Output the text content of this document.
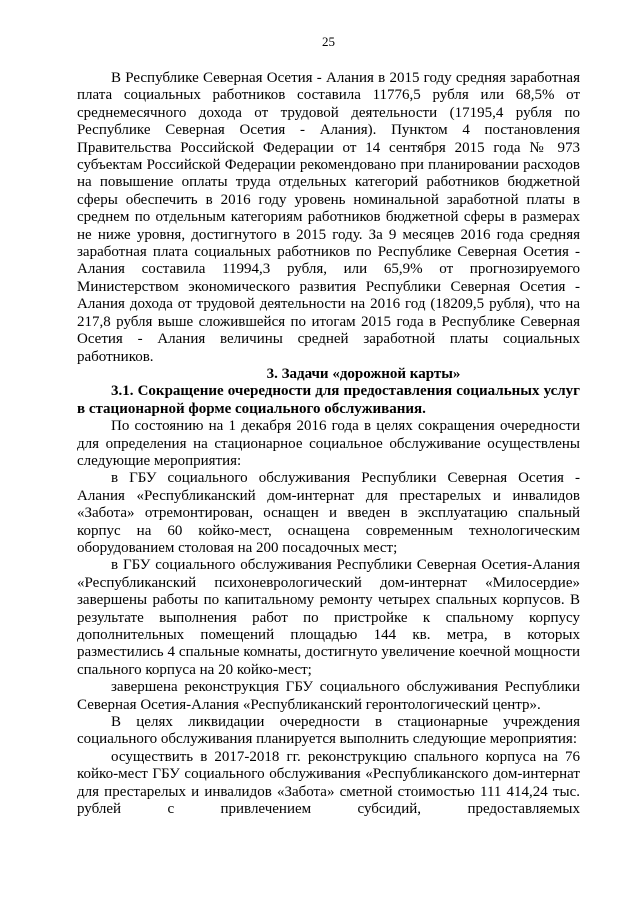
25

В Республике Северная Осетия - Алания в 2015 году средняя заработная плата социальных работников составила 11776,5 рубля или 68,5% от среднемесячного дохода от трудовой деятельности (17195,4 рубля по Республике Северная Осетия - Алания). Пунктом 4 постановления Правительства Российской Федерации от 14 сентября 2015 года № 973 субъектам Российской Федерации рекомендовано при планировании расходов на повышение оплаты труда отдельных категорий работников бюджетной сферы обеспечить в 2016 году уровень номинальной заработной платы в среднем по отдельным категориям работников бюджетной сферы в размерах не ниже уровня, достигнутого в 2015 году. За 9 месяцев 2016 года средняя заработная плата социальных работников по Республике Северная Осетия - Алания составила 11994,3 рубля, или 65,9% от прогнозируемого Министерством экономического развития Республики Северная Осетия - Алания дохода от трудовой деятельности на 2016 год (18209,5 рубля), что на 217,8 рубля выше сложившейся по итогам 2015 года в Республике Северная Осетия - Алания величины средней заработной платы социальных работников.

3. Задачи «дорожной карты»
3.1. Сокращение очередности для предоставления социальных услуг в стационарной форме социального обслуживания.

По состоянию на 1 декабря 2016 года в целях сокращения очередности для определения на стационарное социальное обслуживание осуществлены следующие мероприятия:

в ГБУ социального обслуживания Республики Северная Осетия - Алания «Республиканский дом-интернат для престарелых и инвалидов «Забота» отремонтирован, оснащен и введен в эксплуатацию спальный корпус на 60 койко-мест, оснащена современным технологическим оборудованием столовая на 200 посадочных мест;

в ГБУ социального обслуживания Республики Северная Осетия-Алания «Республиканский психоневрологический дом-интернат «Милосердие» завершены работы по капитальному ремонту четырех спальных корпусов. В результате выполнения работ по пристройке к спальному корпусу дополнительных помещений площадью 144 кв. метра, в которых разместились 4 спальные комнаты, достигнуто увеличение коечной мощности спального корпуса на 20 койко-мест;

завершена реконструкция ГБУ социального обслуживания Республики Северная Осетия-Алания «Республиканский геронтологический центр».

В целях ликвидации очередности в стационарные учреждения социального обслуживания планируется выполнить следующие мероприятия:

осуществить в 2017-2018 гг. реконструкцию спального корпуса на 76 койко-мест ГБУ социального обслуживания «Республиканского дом-интернат для престарелых и инвалидов «Забота» сметной стоимостью 111 414,24 тыс. рублей с привлечением субсидий, предоставляемых
